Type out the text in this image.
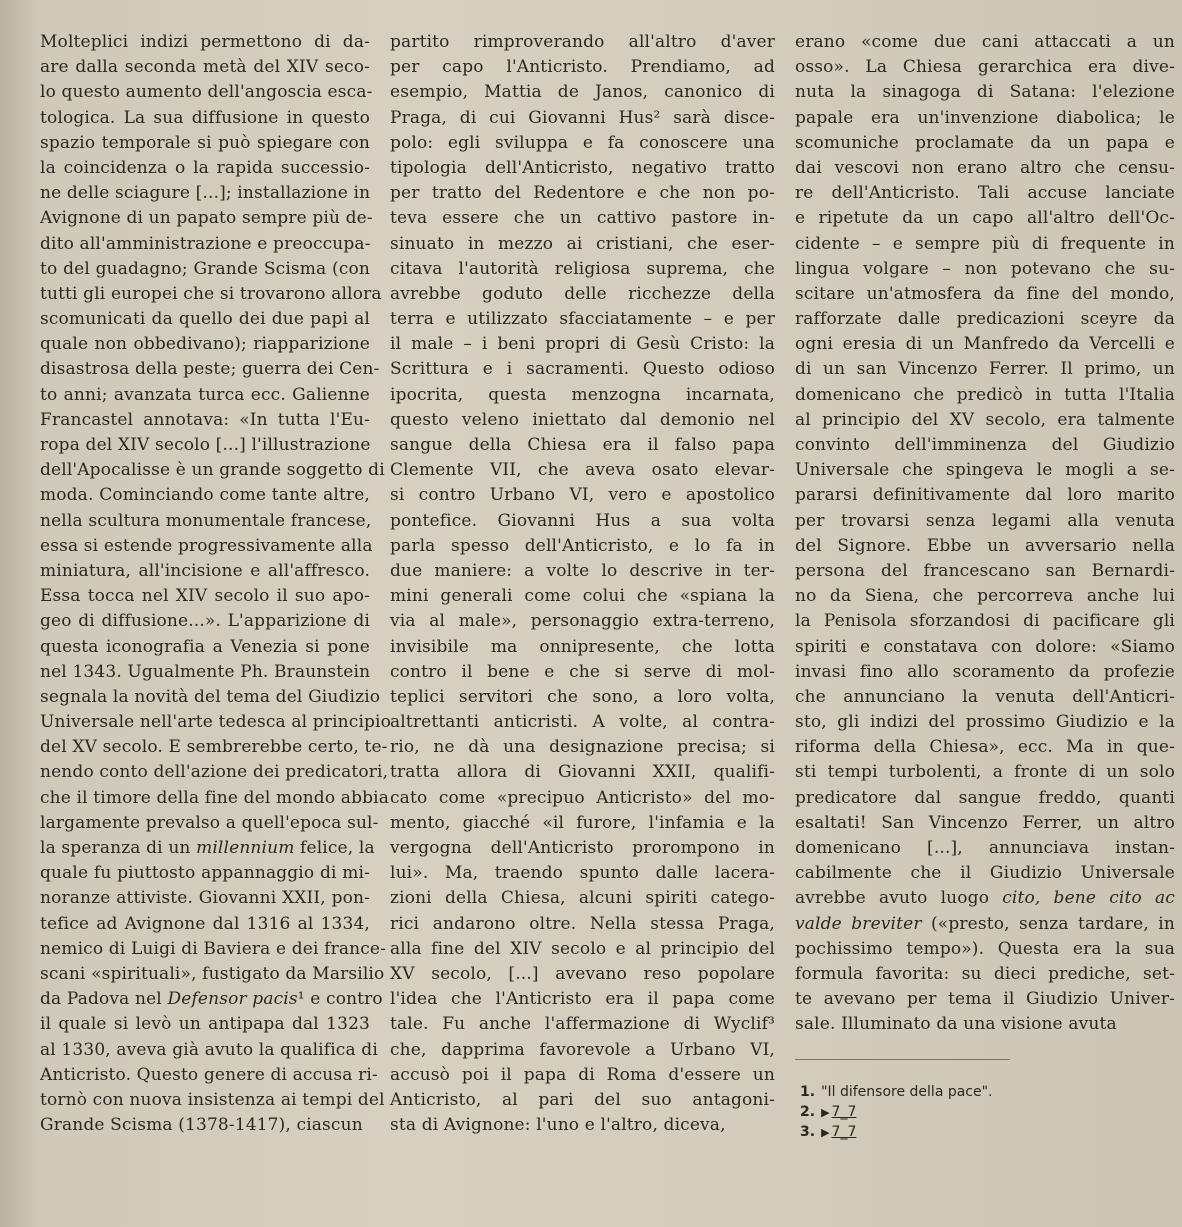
Molteplici indizi permettono di da-
are dalla seconda metà del XIV seco-
lo questo aumento dell'angoscia esca-
tologica. La sua diffusione in questo
spazio temporale si può spiegare con
la coincidenza o la rapida successio-
ne delle sciagure [...]; installazione in
Avignone di un papato sempre più de-
dito all'amministrazione e preoccupa-
to del guadagno; Grande Scisma (con
tutti gli europei che si trovarono allora
scomunicati da quello dei due papi al
quale non obbedivano); riapparizione
disastrosa della peste; guerra dei Cen-
to anni; avanzata turca ecc. Galienne
Francastel annotava: «In tutta l'Eu-
ropa del XIV secolo [...] l'illustrazione
dell'Apocalisse è un grande soggetto di
moda. Cominciando come tante altre,
nella scultura monumentale francese,
essa si estende progressivamente alla
miniatura, all'incisione e all'affresco.
Essa tocca nel XIV secolo il suo apo-
geo di diffusione...». L'apparizione di
questa iconografia a Venezia si pone
nel 1343. Ugualmente Ph. Braunstein
segnala la novità del tema del Giudizio
Universale nell'arte tedesca al principio
del XV secolo. E sembrerebbe certo, te-
nendo conto dell'azione dei predicatori,
che il timore della fine del mondo abbia
largamente prevalso a quell'epoca sul-
la speranza di un millennium felice, la
quale fu piuttosto appannaggio di mi-
noranze attiviste. Giovanni XXII, pon-
tefice ad Avignone dal 1316 al 1334,
nemico di Luigi di Baviera e dei france-
scani «spirituali», fustigato da Marsilio
da Padova nel Defensor pacis¹ e contro
il quale si levò un antipapa dal 1323
al 1330, aveva già avuto la qualifica di
Anticristo. Questo genere di accusa ri-
tornò con nuova insistenza ai tempi del
Grande Scisma (1378-1417), ciascun
partito rimproverando all'altro d'aver
per capo l'Anticristo. Prendiamo, ad
esempio, Mattia de Janos, canonico di
Praga, di cui Giovanni Hus² sarà disce-
polo: egli sviluppa e fa conoscere una
tipologia dell'Anticristo, negativo tratto
per tratto del Redentore e che non po-
teva essere che un cattivo pastore in-
sinuato in mezzo ai cristiani, che eser-
citava l'autorità religiosa suprema, che
avrebbe goduto delle ricchezze della
terra e utilizzato sfacciatamente – e per
il male – i beni propri di Gesù Cristo: la
Scrittura e i sacramenti. Questo odioso
ipocrita, questa menzogna incarnata,
questo veleno iniettato dal demonio nel
sangue della Chiesa era il falso papa
Clemente VII, che aveva osato elevar-
si contro Urbano VI, vero e apostolico
pontefice. Giovanni Hus a sua volta
parla spesso dell'Anticristo, e lo fa in
due maniere: a volte lo descrive in ter-
mini generali come colui che «spiana la
via al male», personaggio extra-terreno,
invisibile ma onnipresente, che lotta
contro il bene e che si serve di mol-
teplici servitori che sono, a loro volta,
altrettanti anticristi. A volte, al contra-
rio, ne dà una designazione precisa; si
tratta allora di Giovanni XXII, qualifi-
cato come «precipuo Anticristo» del mo-
mento, giacché «il furore, l'infamia e la
vergogna dell'Anticristo prorompono in
lui». Ma, traendo spunto dalle lacera-
zioni della Chiesa, alcuni spiriti catego-
rici andarono oltre. Nella stessa Praga,
alla fine del XIV secolo e al principio del
XV secolo, [...] avevano reso popolare
l'idea che l'Anticristo era il papa come
tale. Fu anche l'affermazione di Wyclif³
che, dapprima favorevole a Urbano VI,
accusò poi il papa di Roma d'essere un
Anticristo, al pari del suo antagoni-
sta di Avignone: l'uno e l'altro, diceva,
erano «come due cani attaccati a un
osso». La Chiesa gerarchica era dive-
nuta la sinagoga di Satana: l'elezione
papale era un'invenzione diabolica; le
scomuniche proclamate da un papa e
dai vescovi non erano altro che censu-
re dell'Anticristo. Tali accuse lanciate
e ripetute da un capo all'altro dell'Oc-
cidente – e sempre più di frequente in
lingua volgare – non potevano che su-
scitare un'atmosfera da fine del mondo,
rafforzate dalle predicazioni sceyre da
ogni eresia di un Manfredo da Vercelli e
di un san Vincenzo Ferrer. Il primo, un
domenicano che predicò in tutta l'Italia
al principio del XV secolo, era talmente
convinto dell'imminenza del Giudizio
Universale che spingeva le mogli a se-
pararsi definitivamente dal loro marito
per trovarsi senza legami alla venuta
del Signore. Ebbe un avversario nella
persona del francescano san Bernardi-
no da Siena, che percorreva anche lui
la Penisola sforzandosi di pacificare gli
spiriti e constatava con dolore: «Siamo
invasi fino allo scoramento da profezie
che annunciano la venuta dell'Anticri-
sto, gli indizi del prossimo Giudizio e la
riforma della Chiesa», ecc. Ma in que-
sti tempi turbolenti, a fronte di un solo
predicatore dal sangue freddo, quanti
esaltati! San Vincenzo Ferrer, un altro
domenicano [...], annunciava instan-
cabilmente che il Giudizio Universale
avrebbe avuto luogo cito, bene cito ac
valde breviter («presto, senza tardare, in
pochissimo tempo»). Questa era la sua
formula favorita: su dieci prediche, set-
te avevano per tema il Giudizio Univer-
sale. Illuminato da una visione avuta
1. "Il difensore della pace".
2. ▶ 7_7
3. ▶ 7_7
